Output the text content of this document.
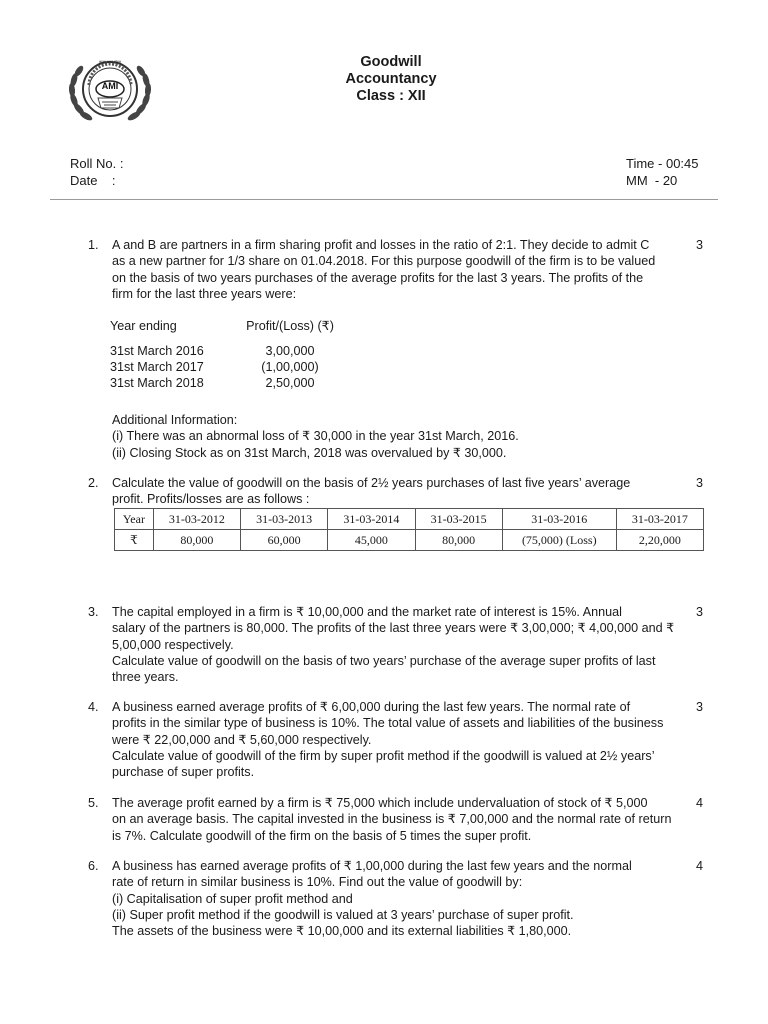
AMI
ज्ञानम् परमं ध्येयम्	Goodwill
Accountancy
Class : XII
Roll No. :
Date    :
Time - 00:45
MM  - 20
1. A and B are partners in a firm sharing profit and losses in the ratio of 2:1. They decide to admit C
as a new partner for 1/3 share on 01.04.2018. For this purpose goodwill of the firm is to be valued
on the basis of two years purchases of the average profits for the last 3 years. The profits of the
firm for the last three years were:
3
Year ending	Profit/(Loss) (₹)
31st March 2016	3,00,000
31st March 2017	(1,00,000)
31st March 2018	2,50,000
Additional Information:
(i) There was an abnormal loss of ₹ 30,000 in the year 31st March, 2016.
(ii) Closing Stock as on 31st March, 2018 was overvalued by ₹ 30,000.
2. Calculate the value of goodwill on the basis of 2½ years purchases of last five years’ average
profit. Profits/losses are as follows :
3
Year	31-03-2012	31-03-2013	31-03-2014	31-03-2015	31-03-2016	31-03-2017
₹	80,000	60,000	45,000	80,000	(75,000) (Loss)	2,20,000
3. The capital employed in a firm is ₹ 10,00,000 and the market rate of interest is 15%. Annual
salary of the partners is 80,000. The profits of the last three years were ₹ 3,00,000; ₹ 4,00,000 and ₹
5,00,000 respectively.
Calculate value of goodwill on the basis of two years’ purchase of the average super profits of last
three years.
3
4. A business earned average profits of ₹ 6,00,000 during the last few years. The normal rate of
profits in the similar type of business is 10%. The total value of assets and liabilities of the business
were ₹ 22,00,000 and ₹ 5,60,000 respectively.
Calculate value of goodwill of the firm by super profit method if the goodwill is valued at 2½ years’
purchase of super profits.
3
5. The average profit earned by a firm is ₹ 75,000 which include undervaluation of stock of ₹ 5,000
on an average basis. The capital invested in the business is ₹ 7,00,000 and the normal rate of return
is 7%. Calculate goodwill of the firm on the basis of 5 times the super profit.
4
6. A business has earned average profits of ₹ 1,00,000 during the last few years and the normal
rate of return in similar business is 10%. Find out the value of goodwill by:
(i) Capitalisation of super profit method and
(ii) Super profit method if the goodwill is valued at 3 years’ purchase of super profit.
The assets of the business were ₹ 10,00,000 and its external liabilities ₹ 1,80,000.
4
